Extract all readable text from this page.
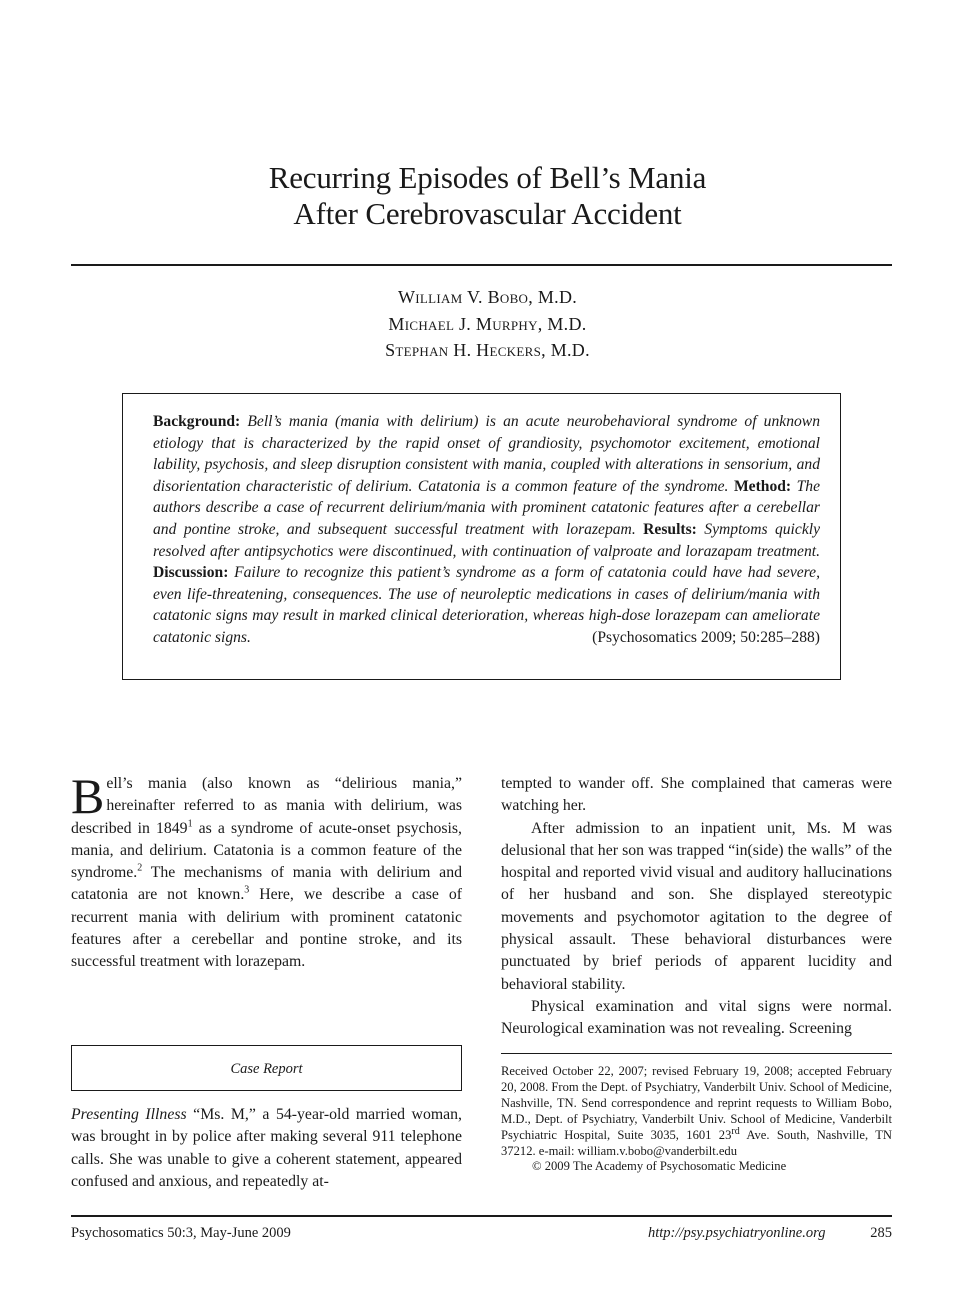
Recurring Episodes of Bell’s Mania
After Cerebrovascular Accident
William V. Bobo, M.D.
Michael J. Murphy, M.D.
Stephan H. Heckers, M.D.

Background: Bell’s mania (mania with delirium) is an acute neurobehavioral syndrome of unknown etiology that is characterized by the rapid onset of grandiosity, psychomotor excitement, emotional lability, psychosis, and sleep disruption consistent with mania, coupled with alterations in sensorium, and disorientation characteristic of delirium. Catatonia is a common feature of the syndrome. Method: The authors describe a case of recurrent delirium/mania with prominent catatonic features after a cerebellar and pontine stroke, and subsequent successful treatment with lorazepam. Results: Symptoms quickly resolved after antipsychotics were discontinued, with continuation of valproate and lorazapam treatment. Discussion: Failure to recognize this patient’s syndrome as a form of catatonia could have had severe, even life-threatening, consequences. The use of neuroleptic medications in cases of delirium/mania with catatonic signs may result in marked clinical deterioration, whereas high-dose lorazepam can ameliorate catatonic signs.	(Psychosomatics 2009; 50:285–288)

Bell’s mania (also known as “delirious mania,” hereinafter referred to as mania with delirium, was described in 1849$^1$ as a syndrome of acute-onset psychosis, mania, and delirium. Catatonia is a common feature of the syndrome.$^2$ The mechanisms of mania with delirium and catatonia are not known.$^3$ Here, we describe a case of recurrent mania with delirium with prominent catatonic features after a cerebellar and pontine stroke, and its successful treatment with lorazepam.

Case Report

Presenting Illness “Ms. M,” a 54-year-old married woman, was brought in by police after making several 911 telephone calls. She was unable to give a coherent statement, appeared confused and anxious, and repeatedly at-

tempted to wander off. She complained that cameras were watching her.

After admission to an inpatient unit, Ms. M was delusional that her son was trapped “in(side) the walls” of the hospital and reported vivid visual and auditory hallucinations of her husband and son. She displayed stereotypic movements and psychomotor agitation to the degree of physical assault. These behavioral disturbances were punctuated by brief periods of apparent lucidity and behavioral stability.

Physical examination and vital signs were normal. Neurological examination was not revealing. Screening

Received October 22, 2007; revised February 19, 2008; accepted February 20, 2008. From the Dept. of Psychiatry, Vanderbilt Univ. School of Medicine, Nashville, TN. Send correspondence and reprint requests to William Bobo, M.D., Dept. of Psychiatry, Vanderbilt Univ. School of Medicine, Vanderbilt Psychiatric Hospital, Suite 3035, 1601 23rd Ave. South, Nashville, TN 37212. e-mail: william.v.bobo@vanderbilt.edu

© 2009 The Academy of Psychosomatic Medicine

Psychosomatics 50:3, May-June 2009	http://psy.psychiatryonline.org	285
